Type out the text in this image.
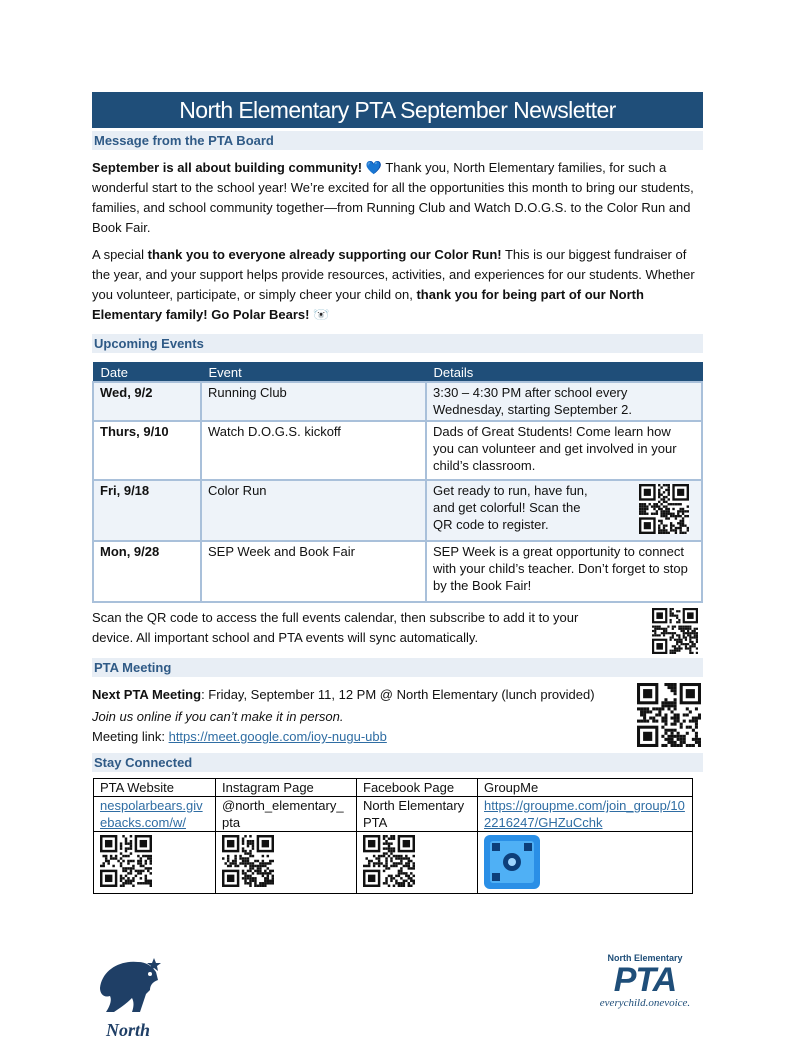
North Elementary PTA September Newsletter
Message from the PTA Board

September is all about building community! 💙 Thank you, North Elementary families, for such a wonderful start to the school year! We’re excited for all the opportunities this month to bring our students, families, and school community together—from Running Club and Watch D.O.G.S. to the Color Run and Book Fair.

A special thank you to everyone already supporting our Color Run! This is our biggest fundraiser of the year, and your support helps provide resources, activities, and experiences for our students. Whether you volunteer, participate, or simply cheer your child on, thank you for being part of our North Elementary family! Go Polar Bears! 🐻‍❄️

Upcoming Events
Date	Event	Details
Wed, 9/2	Running Club	3:30 – 4:30 PM after school every Wednesday, starting September 2.
Thurs, 9/10	Watch D.O.G.S. kickoff	Dads of Great Students! Come learn how you can volunteer and get involved in your child’s classroom.
Fri, 9/18	Color Run	Get ready to run, have fun, and get colorful! Scan the QR code to register.

Mon, 9/28	SEP Week and Book Fair	SEP Week is a great opportunity to connect with your child’s teacher. Don’t forget to stop by the Book Fair!

Scan the QR code to access the full events calendar, then subscribe to add it to your device. All important school and PTA events will sync automatically.

PTA Meeting

Next PTA Meeting: Friday, September 11, 12 PM @ North Elementary (lunch provided)

Join us online if you can’t make it in person.

Meeting link: https://meet.google.com/ioy-nugu-ubb

Stay Connected
PTA Website	Instagram Page	Facebook Page	GroupMe
nespolarbears.givebacks.com/w/	@north_elementary_pta	North Elementary PTA	https://groupme.com/join_group/102216247/GHZuCchk

North
North Elementary
PTA
everychild.onevoice.
